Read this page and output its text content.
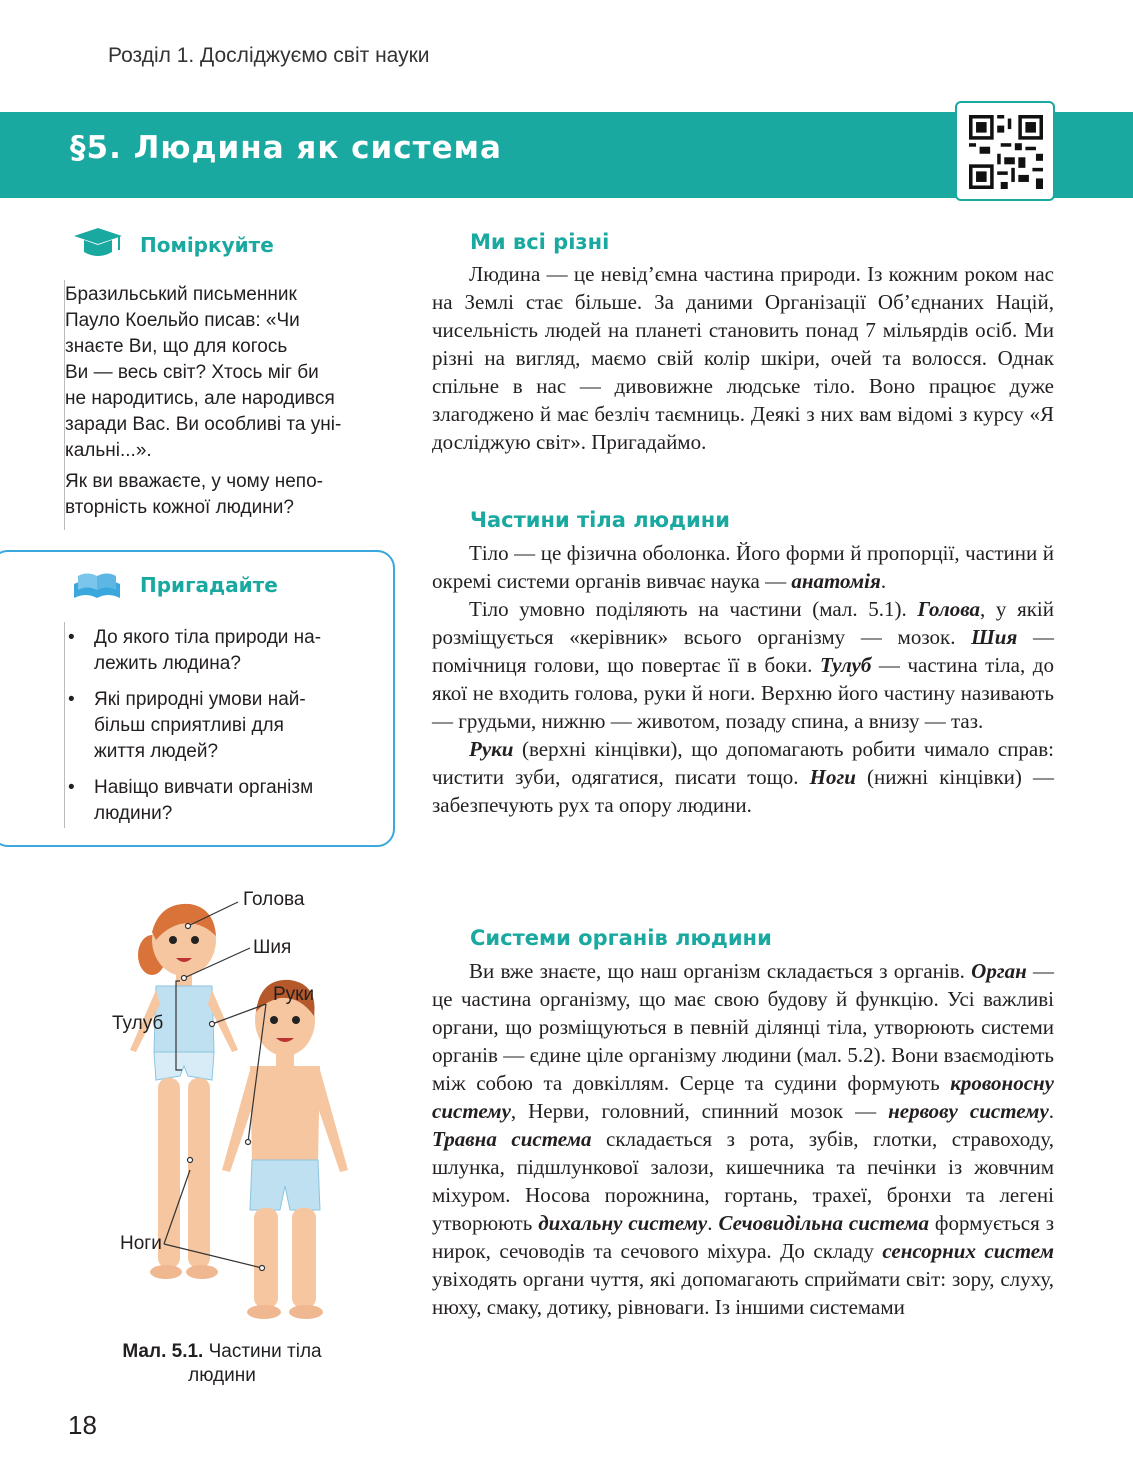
Розділ 1. Досліджуємо світ науки
§5. Людина як система
Поміркуйте
Бразильський письменник
Пауло Коельйо писав: «Чи
знаєте Ви, що для когось
Ви — весь світ? Хтось міг би
не народитись, але народився
заради Вас. Ви особливі та уні-
кальні...».
Як ви вважаєте, у чому непо-
вторність кожної людини?
Пригадайте
• До якого тіла природи на-
лежить людина?
• Які природні умови най-
більш сприятливі для
життя людей?
• Навіщо вивчати організм
людини?
Голова
Шия
Руки
Тулуб
Ноги
Мал. 5.1. Частини тіла
людини
Ми всі різні

Людина — це невід’ємна частина природи. Із кожним роком нас на Землі стає більше. За даними Організації Об’єднаних Націй, чисельність людей на планеті становить понад 7 мільярдів осіб. Ми різні на вигляд, маємо свій колір шкіри, очей та волосся. Однак спільне в нас — дивовижне людське тіло. Воно працює дуже злагоджено й має безліч таємниць. Деякі з них вам відомі з курсу «Я досліджую світ». Пригадаймо.

Частини тіла людини

Тіло — це фізична оболонка. Його форми й пропорції, частини й окремі системи органів вивчає наука — анатомія.

Тіло умовно поділяють на частини (мал. 5.1). Голова, у якій розміщується «керівник» всього організму — мозок. Шия — помічниця голови, що повертає її в боки. Тулуб — частина тіла, до якої не входить голова, руки й ноги. Верхню його частину називають — грудьми, нижню — животом, позаду спина, а внизу — таз.

Руки (верхні кінцівки), що допомагають робити чимало справ: чистити зуби, одягатися, писати тощо. Ноги (нижні кінцівки) — забезпечують рух та опору людини.

Системи органів людини

Ви вже знаєте, що наш організм складається з органів. Орган — це частина організму, що має свою будову й функцію. Усі важливі органи, що розміщуються в певній ділянці тіла, утворюють системи органів — єдине ціле організму людини (мал. 5.2). Вони взаємодіють між собою та довкіллям. Серце та судини формують кровоносну систему, Нерви, головний, спинний мозок — нервову систему. Травна система складається з рота, зубів, глотки, стравоходу, шлунка, підшлункової залози, кишечника та печінки із жовчним міхуром. Носова порожнина, гортань, трахеї, бронхи та легені утворюють дихальну систему. Сечовидільна система формується з нирок, сечоводів та сечового міхура. До складу сенсорних систем увіходять органи чуття, які допомагають сприймати світ: зору, слуху, нюху, смаку, дотику, рівноваги. Із іншими системами

18
